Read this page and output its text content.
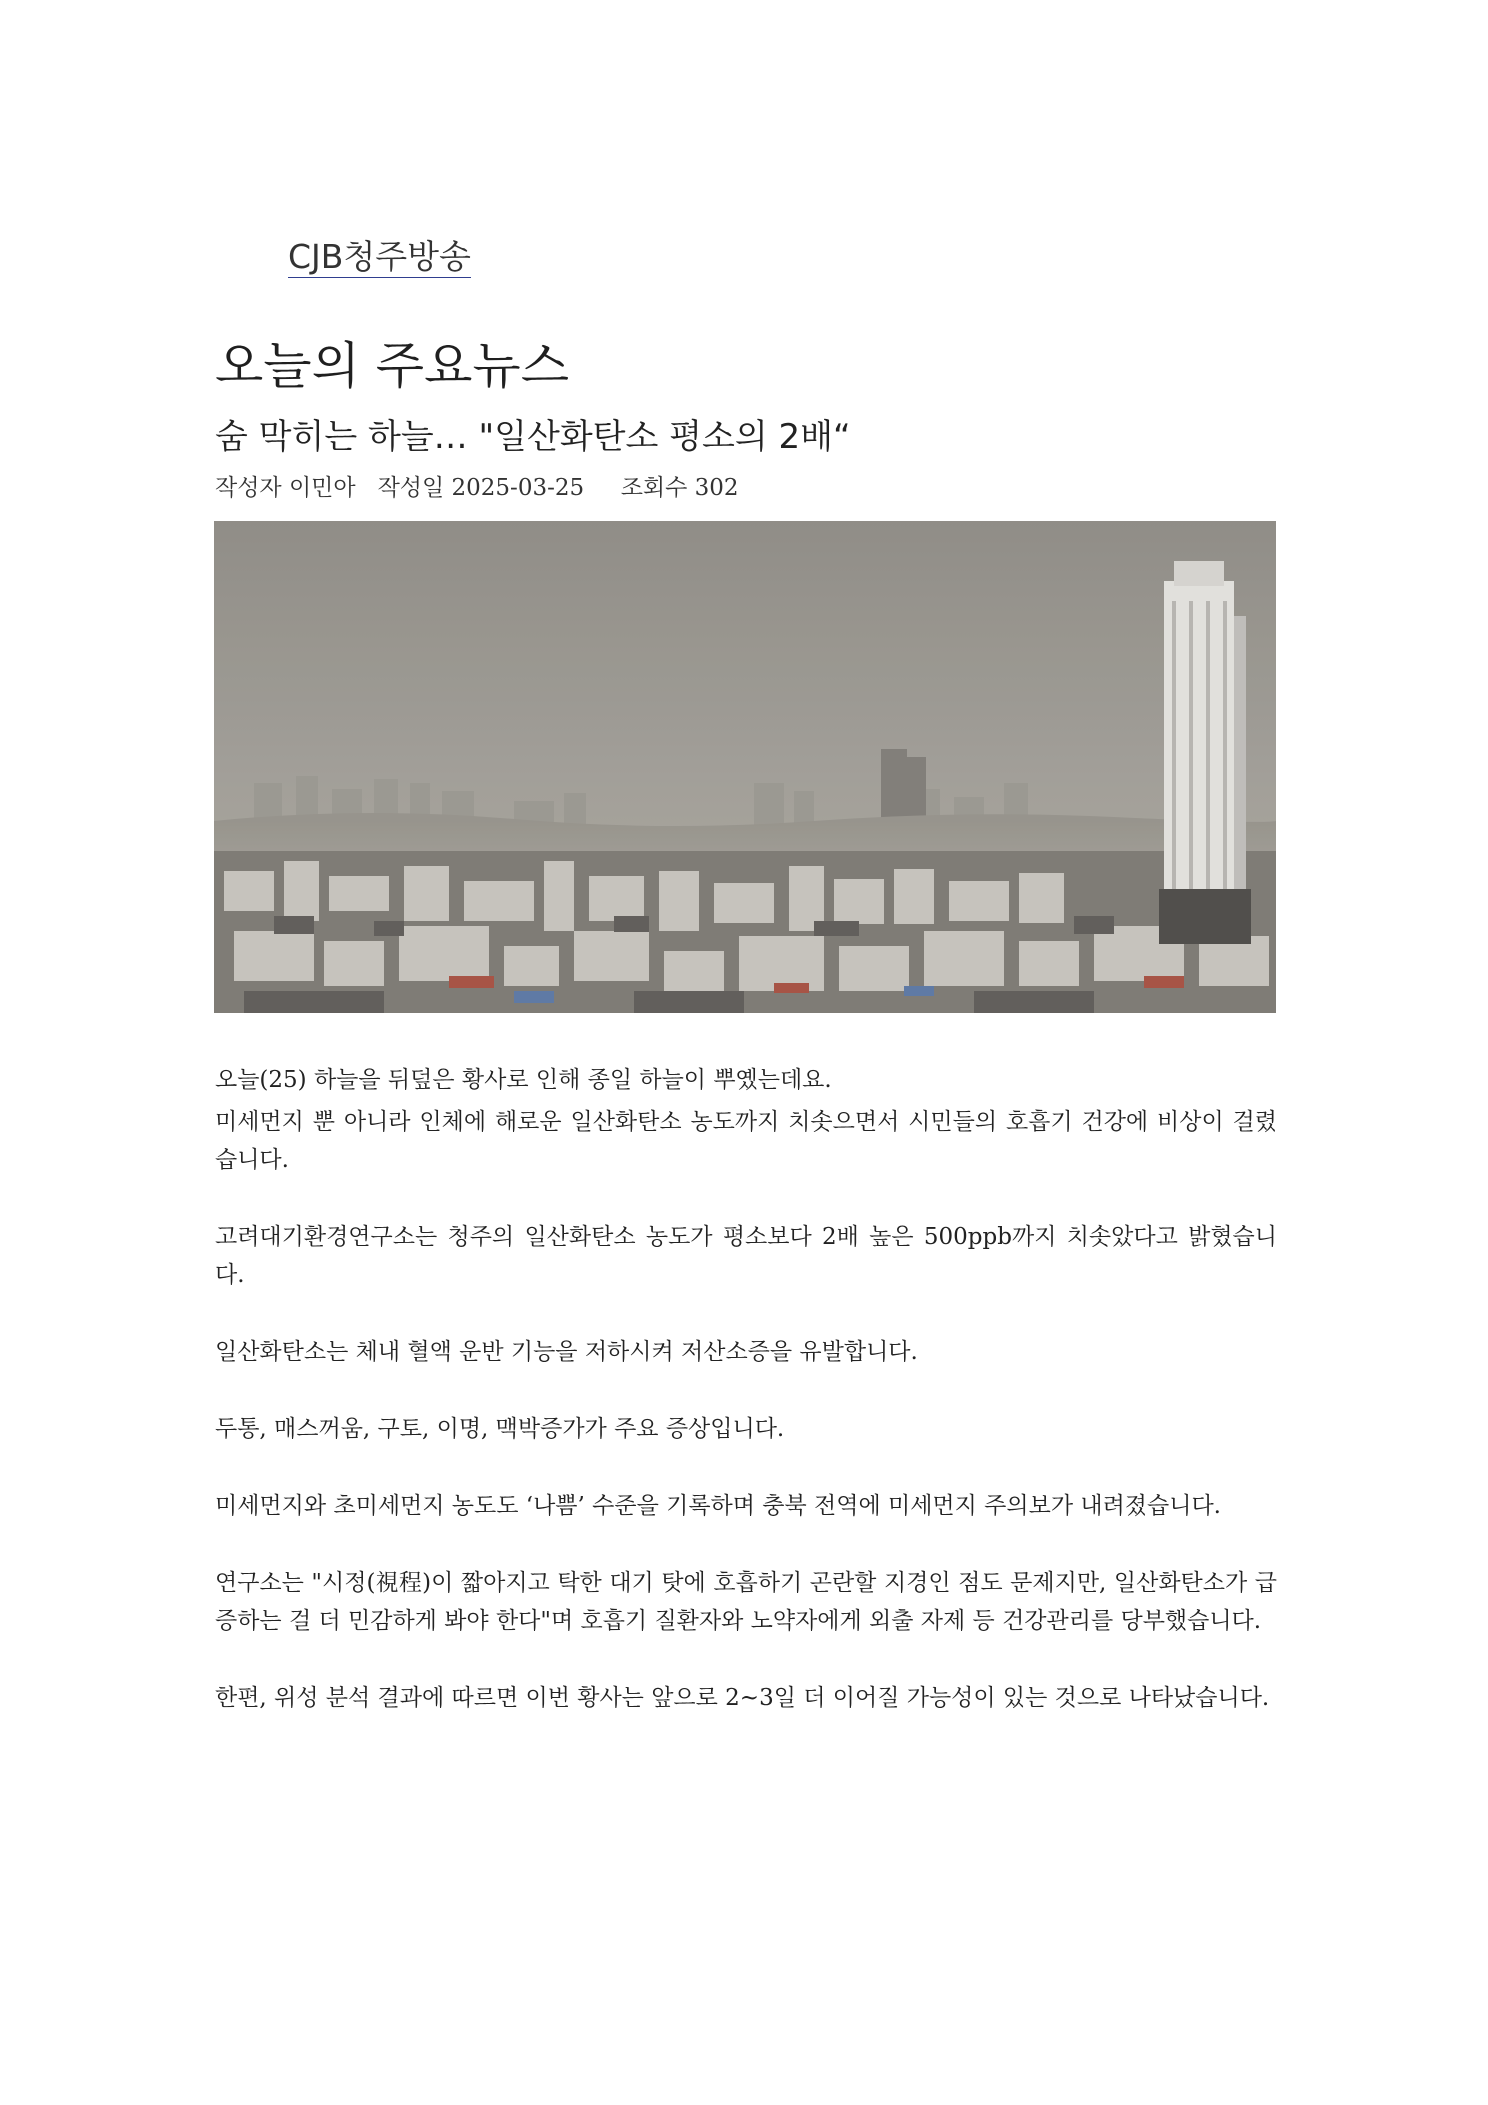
CJB청주방송
오늘의 주요뉴스
숨 막히는 하늘… "일산화탄소 평소의 2배“
작성자 이민아 작성일 2025-03-25 조회수 302
오늘(25) 하늘을 뒤덮은 황사로 인해 종일 하늘이 뿌옜는데요.

미세먼지 뿐 아니라 인체에 해로운 일산화탄소 농도까지 치솟으면서 시민들의 호흡기 건강에 비상이 걸렸습니다.

고려대기환경연구소는 청주의 일산화탄소 농도가 평소보다 2배 높은 500ppb까지 치솟았다고 밝혔습니다.

일산화탄소는 체내 혈액 운반 기능을 저하시켜 저산소증을 유발합니다.

두통, 매스꺼움, 구토, 이명, 맥박증가가 주요 증상입니다.

미세먼지와 초미세먼지 농도도 ‘나쁨’ 수준을 기록하며 충북 전역에 미세먼지 주의보가 내려졌습니다.

연구소는 "시정(視程)이 짧아지고 탁한 대기 탓에 호흡하기 곤란할 지경인 점도 문제지만, 일산화탄소가 급증하는 걸 더 민감하게 봐야 한다"며 호흡기 질환자와 노약자에게 외출 자제 등 건강관리를 당부했습니다.

한편, 위성 분석 결과에 따르면 이번 황사는 앞으로 2~3일 더 이어질 가능성이 있는 것으로 나타났습니다.
